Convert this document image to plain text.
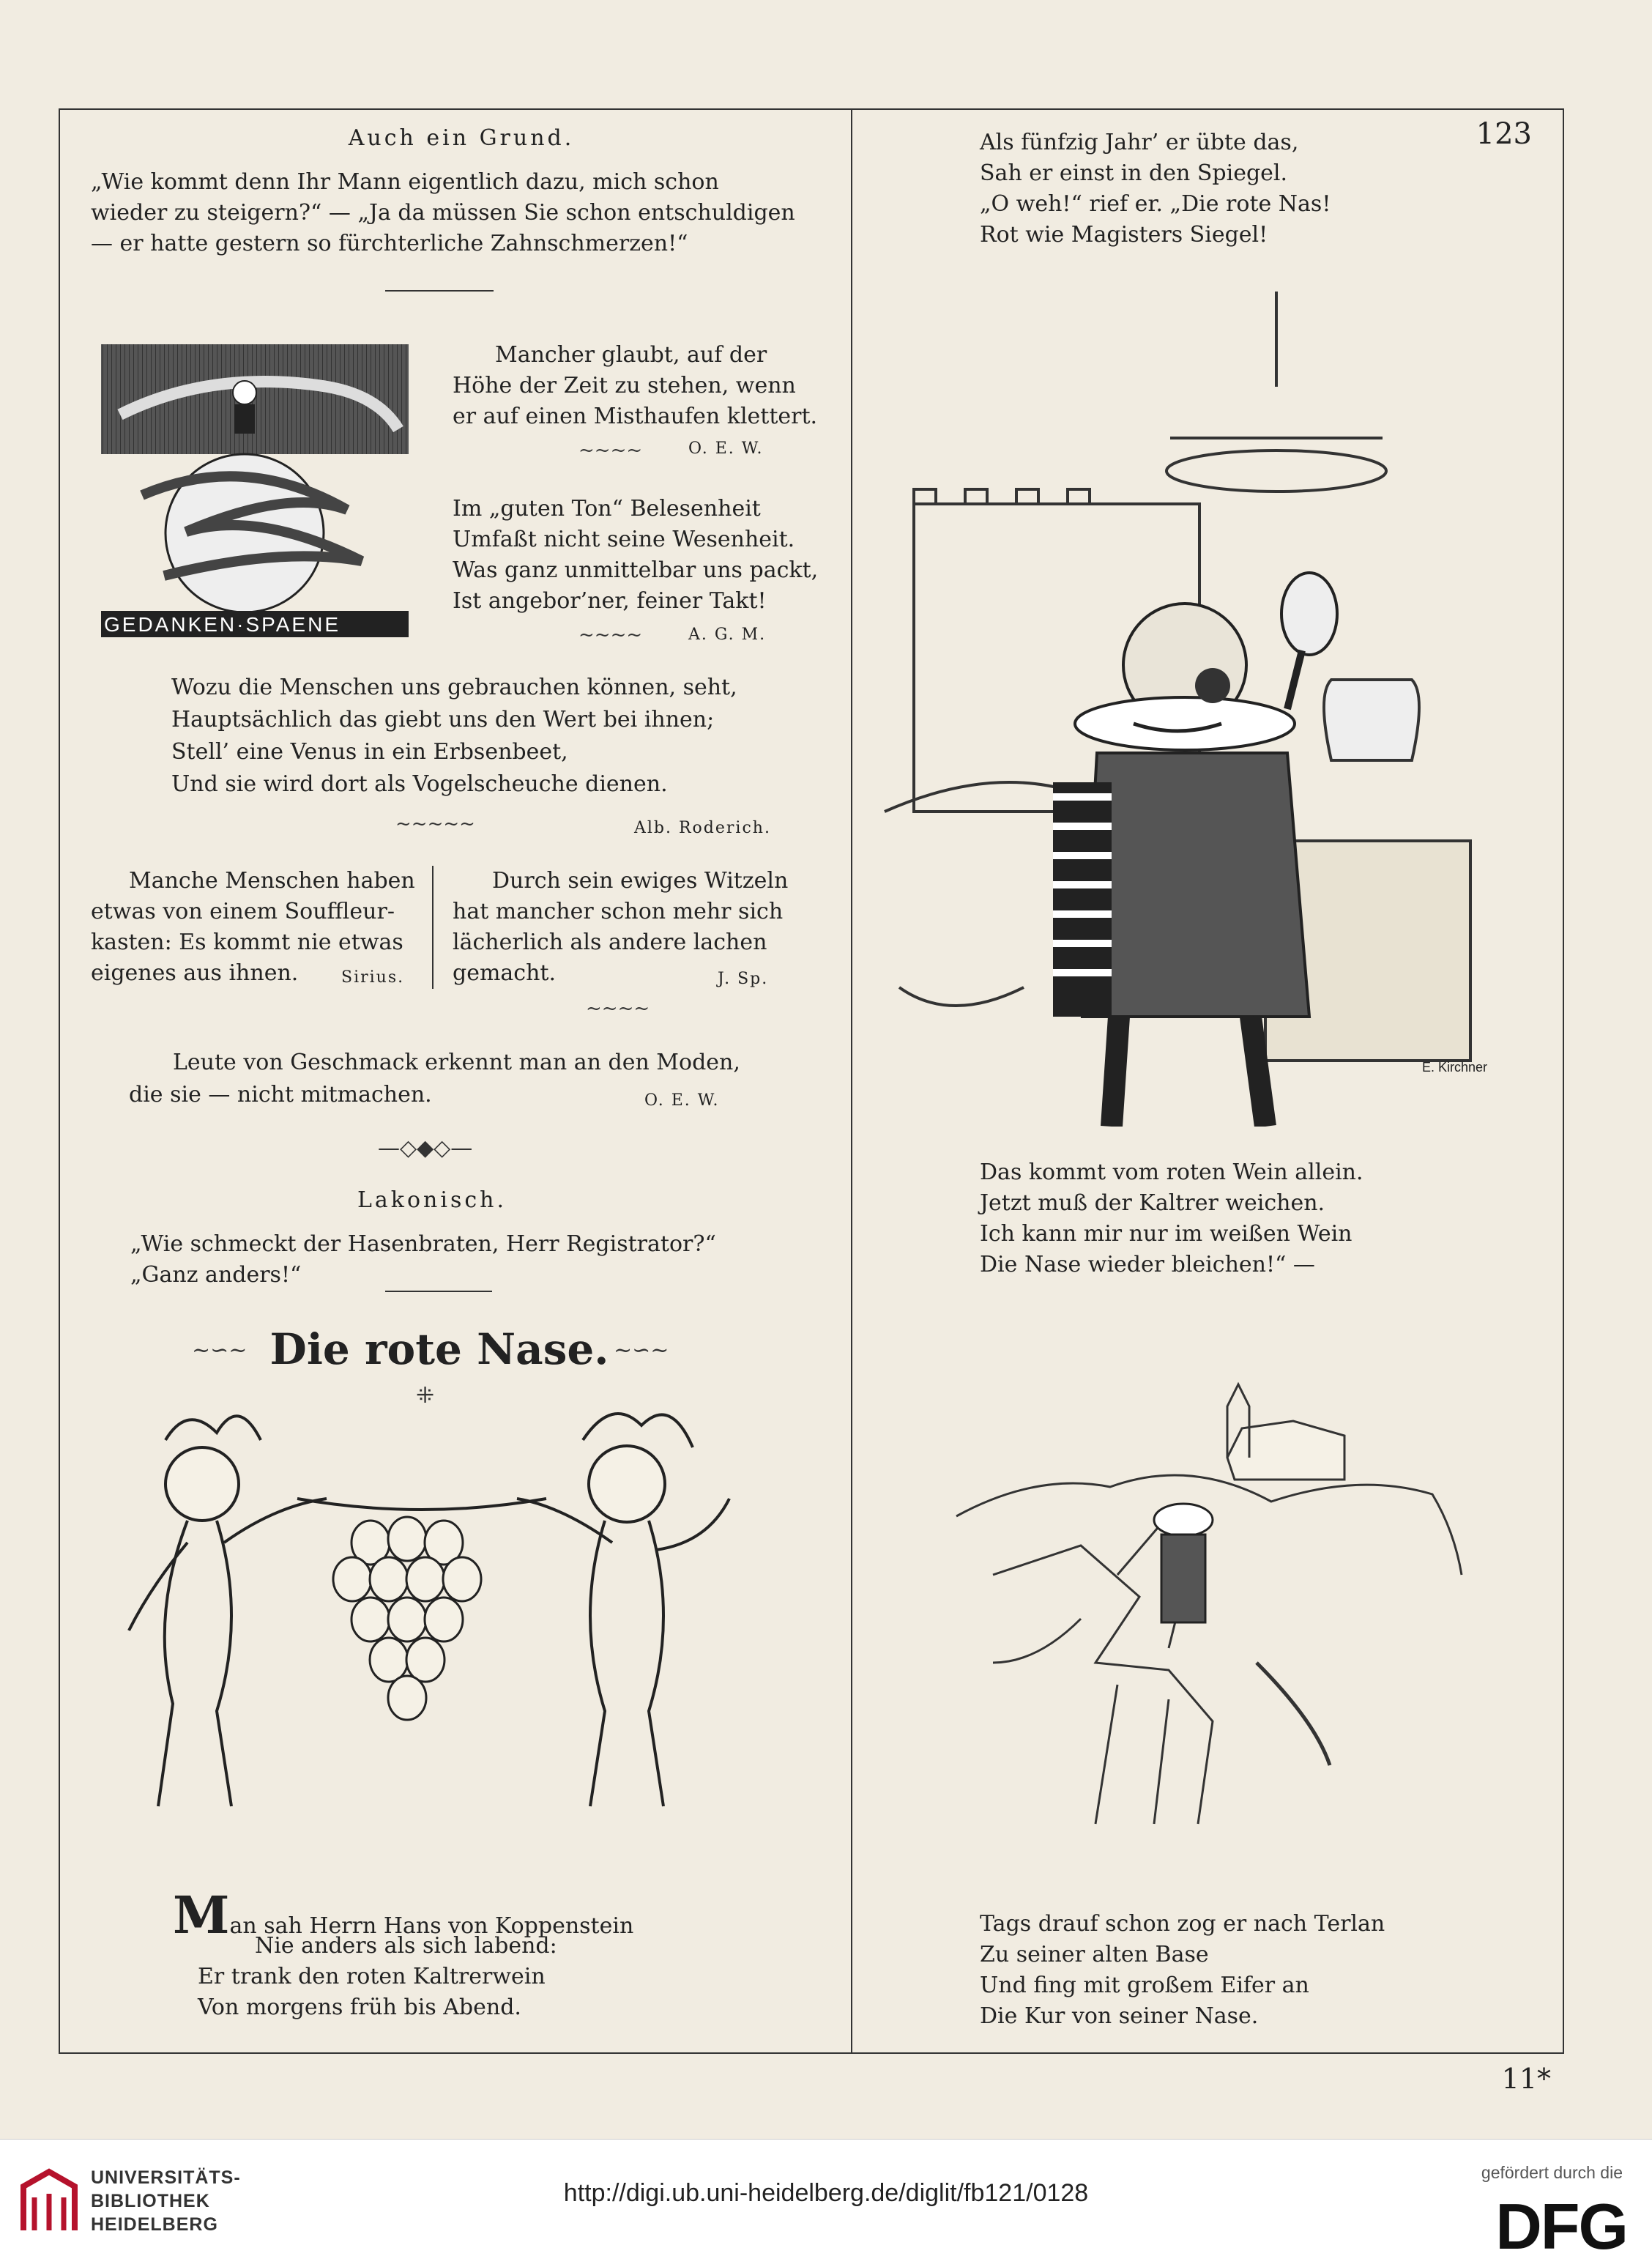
123
Auch ein Grund.
„Wie kommt denn Ihr Mann eigentlich dazu, mich schon
wieder zu steigern?“ — „Ja da müssen Sie schon entschuldigen
— er hatte gestern so fürchterliche Zahnschmerzen!“
GEDANKEN·SPAENE
Mancher glaubt, auf der
Höhe der Zeit zu stehen, wenn
er auf einen Misthaufen klettert.
~~~~	O. E. W.
Im „guten Ton“ Belesenheit
Umfaßt nicht seine Wesenheit.
Was ganz unmittelbar uns packt,
Ist angebor’ner, feiner Takt!
~~~~	A. G. M.
Wozu die Menschen uns gebrauchen können, seht,
Hauptsächlich das giebt uns den Wert bei ihnen;
Stell’ eine Venus in ein Erbsenbeet,
Und sie wird dort als Vogelscheuche dienen.
~~~~~	Alb. Roderich.
Manche Menschen haben
etwas von einem Souffleur-
kasten: Es kommt nie etwas
eigenes aus ihnen.	Sirius.
Durch sein ewiges Witzeln
hat mancher schon mehr sich
lächerlich als andere lachen
gemacht.	J. Sp.
~~~~
Leute von Geschmack erkennt man an den Moden,
die sie — nicht mitmachen.	O. E. W.
—◇◆◇—
Lakonisch.
„Wie schmeckt der Hasenbraten, Herr Registrator?“
„Ganz anders!“
~∽~ Die rote Nase. ~∽~
⁜
Man sah Herrn Hans von Koppenstein
Nie anders als sich labend:
Er trank den roten Kaltrerwein
Von morgens früh bis Abend.
Als fünfzig Jahr’ er übte das,
Sah er einst in den Spiegel.
„O weh!“ rief er. „Die rote Nas!
Rot wie Magisters Siegel!
E. Kirchner
Das kommt vom roten Wein allein.
Jetzt muß der Kaltrer weichen.
Ich kann mir nur im weißen Wein
Die Nase wieder bleichen!“ —
Tags drauf schon zog er nach Terlan
Zu seiner alten Base
Und fing mit großem Eifer an
Die Kur von seiner Nase.
11*
UNIVERSITÄTS-
BIBLIOTHEK
HEIDELBERG
http://digi.ub.uni-heidelberg.de/diglit/fb121/0128
gefördert durch die
DFG
